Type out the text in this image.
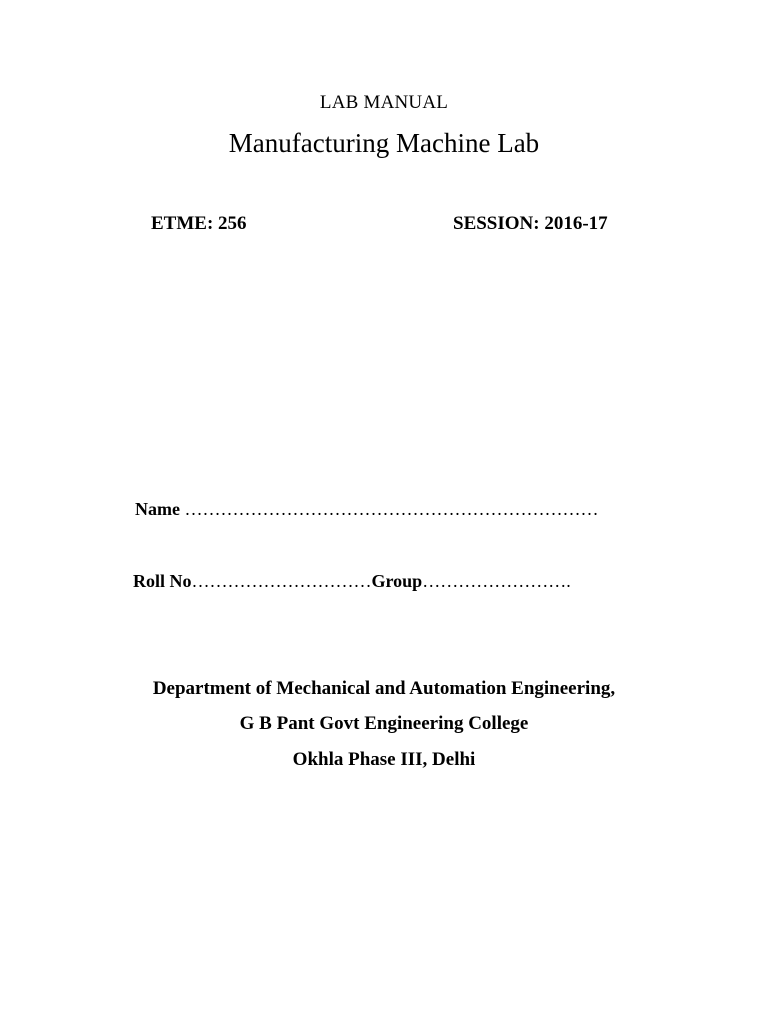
LAB MANUAL
Manufacturing Machine Lab
ETME: 256	SESSION: 2016-17
Name ……………………………………………………………
Roll No…………………………Group…………………….
Department of Mechanical and Automation Engineering,
G B Pant Govt Engineering College
Okhla Phase III, Delhi
